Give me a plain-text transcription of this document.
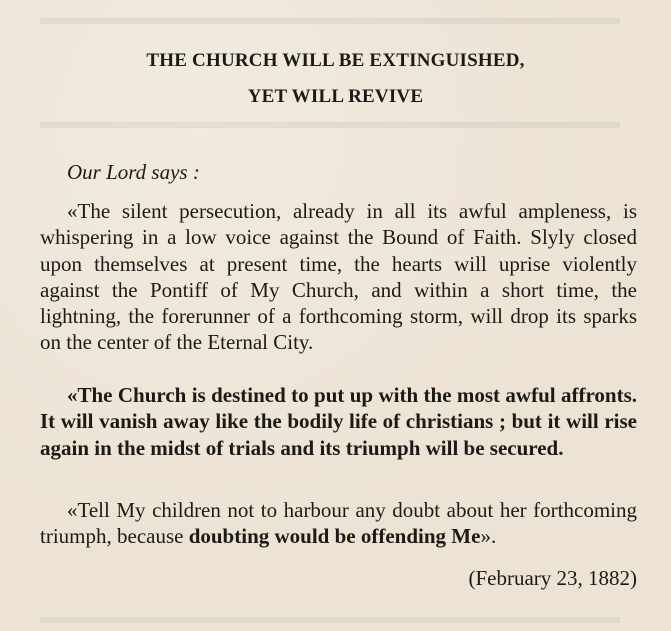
▬▬▬▬▬▬▬▬▬▬▬▬▬▬▬▬▬▬▬▬▬▬▬▬▬▬▬▬▬
▬▬▬▬▬▬▬▬▬▬▬▬▬▬▬▬▬▬▬▬▬▬▬▬▬▬▬▬▬
▬▬▬▬▬▬▬▬▬▬▬▬▬▬▬▬▬▬▬▬▬▬▬▬▬▬▬▬▬
THE CHURCH WILL BE EXTINGUISHED,
YET WILL REVIVE
Our Lord says :
«The silent persecution, already in all its awful ampleness, is whispering in a low voice against the Bound of Faith. Slyly closed upon themselves at present time, the hearts will uprise violently against the Pontiff of My Church, and within a short time, the lightning, the forerunner of a forthcoming storm, will drop its sparks on the center of the Eternal City.
«The Church is destined to put up with the most awful affronts. It will vanish away like the bodily life of christians ; but it will rise again in the midst of trials and its triumph will be secured.
«Tell My children not to harbour any doubt about her forthcoming triumph, because doubting would be offending Me».
(February 23, 1882)
